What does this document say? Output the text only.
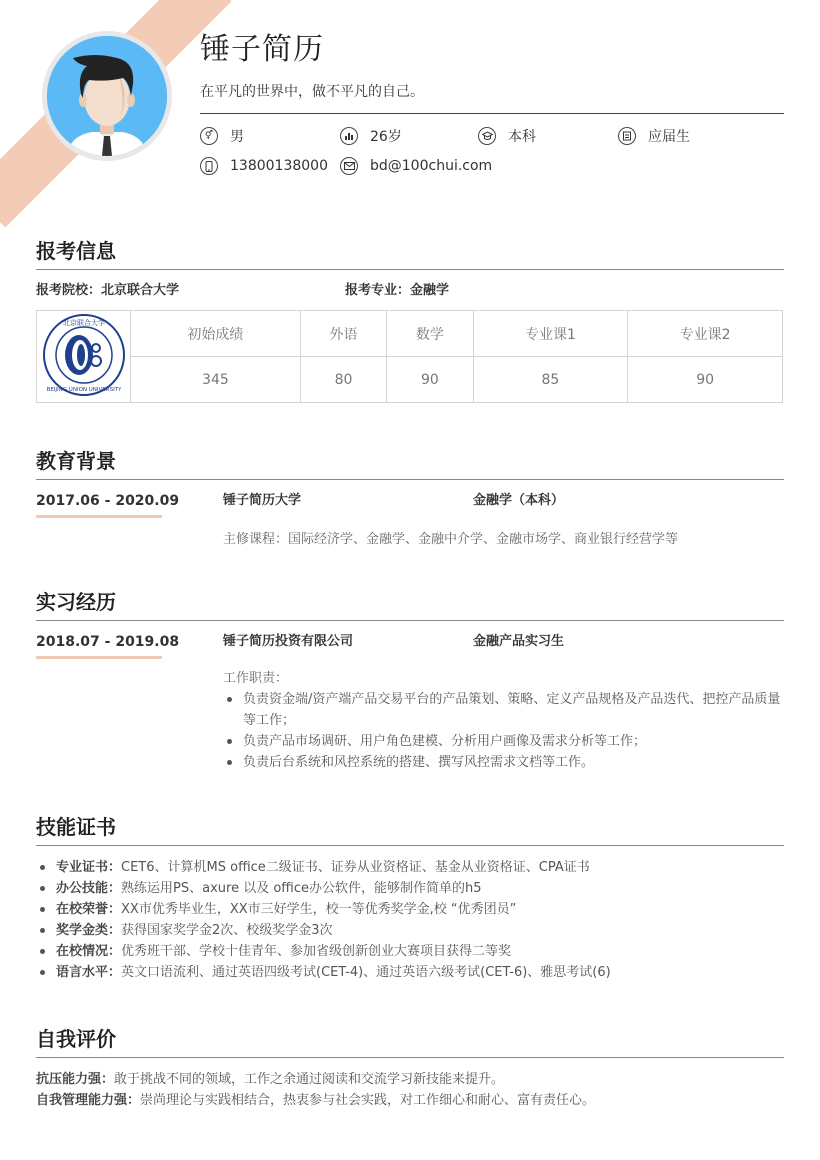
锤子简历
在平凡的世界中，做不平凡的自己。
⚥	男	26岁	本科	应届生
13800138000	bd@100chui.com
报考信息
报考院校：北京联合大学	报考专业：金融学
北京联合大学
BEIJING UNION UNIVERSITY	初始成绩	外语	数学	专业课1	专业课2
	345	80	90	85	90
教育背景
2017.06 - 2020.09	锤子简历大学	金融学（本科）
主修课程：国际经济学、金融学、金融中介学、金融市场学、商业银行经营学等
实习经历
2018.07 - 2019.08	锤子简历投资有限公司	金融产品实习生
工作职责：
负责资金端/资产端产品交易平台的产品策划、策略、定义产品规格及产品迭代、把控产品质量等工作；
负责产品市场调研、用户角色建模、分析用户画像及需求分析等工作；
负责后台系统和风控系统的搭建、撰写风控需求文档等工作。
技能证书
专业证书：CET6、计算机MS office二级证书、证券从业资格证、基金从业资格证、CPA证书
办公技能：熟练运用PS、axure 以及 office办公软件，能够制作简单的h5
在校荣誉：XX市优秀毕业生，XX市三好学生，校一等优秀奖学金,校 “优秀团员”
奖学金类：获得国家奖学金2次、校级奖学金3次
在校情况：优秀班干部、学校十佳青年、参加省级创新创业大赛项目获得二等奖
语言水平：英文口语流利、通过英语四级考试(CET-4)、通过英语六级考试(CET-6)、雅思考试(6)
自我评价
抗压能力强：敢于挑战不同的领域，工作之余通过阅读和交流学习新技能来提升。
自我管理能力强：崇尚理论与实践相结合，热衷参与社会实践，对工作细心和耐心、富有责任心。
